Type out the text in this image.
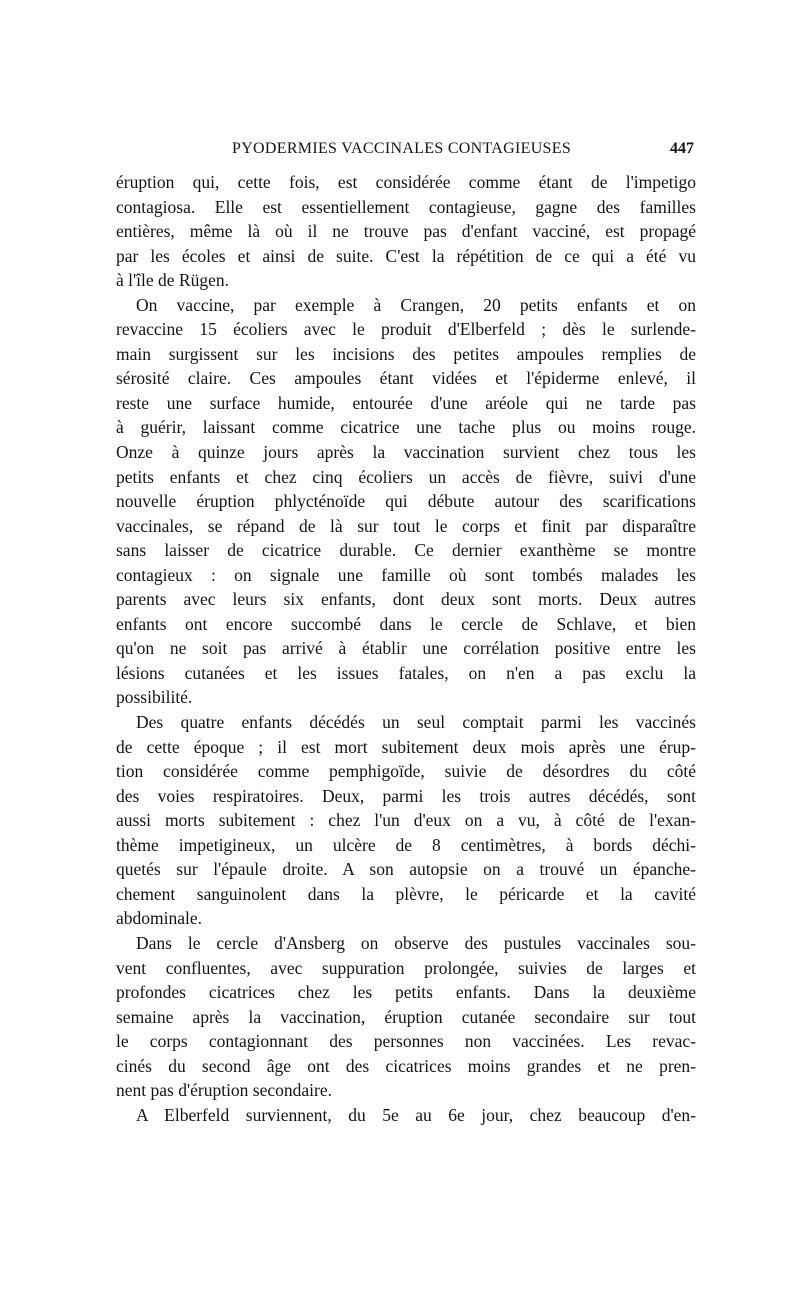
PYODERMIES VACCINALES CONTAGIEUSES	447
éruption qui, cette fois, est considérée comme étant de l'impetigo
contagiosa. Elle est essentiellement contagieuse, gagne des familles
entières, même là où il ne trouve pas d'enfant vacciné, est propagé
par les écoles et ainsi de suite. C'est la répétition de ce qui a été vu
à l'île de Rügen.
On vaccine, par exemple à Crangen, 20 petits enfants et on
revaccine 15 écoliers avec le produit d'Elberfeld ; dès le surlende-
main surgissent sur les incisions des petites ampoules remplies de
sérosité claire. Ces ampoules étant vidées et l'épiderme enlevé, il
reste une surface humide, entourée d'une aréole qui ne tarde pas
à guérir, laissant comme cicatrice une tache plus ou moins rouge.
Onze à quinze jours après la vaccination survient chez tous les
petits enfants et chez cinq écoliers un accès de fièvre, suivi d'une
nouvelle éruption phlycténoïde qui débute autour des scarifications
vaccinales, se répand de là sur tout le corps et finit par disparaître
sans laisser de cicatrice durable. Ce dernier exanthème se montre
contagieux : on signale une famille où sont tombés malades les
parents avec leurs six enfants, dont deux sont morts. Deux autres
enfants ont encore succombé dans le cercle de Schlave, et bien
qu'on ne soit pas arrivé à établir une corrélation positive entre les
lésions cutanées et les issues fatales, on n'en a pas exclu la
possibilité.
Des quatre enfants décédés un seul comptait parmi les vaccinés
de cette époque ; il est mort subitement deux mois après une érup-
tion considérée comme pemphigoïde, suivie de désordres du côté
des voies respiratoires. Deux, parmi les trois autres décédés, sont
aussi morts subitement : chez l'un d'eux on a vu, à côté de l'exan-
thème impetigineux, un ulcère de 8 centimètres, à bords déchi-
quetés sur l'épaule droite. A son autopsie on a trouvé un épanche-
chement sanguinolent dans la plèvre, le péricarde et la cavité
abdominale.
Dans le cercle d'Ansberg on observe des pustules vaccinales sou-
vent confluentes, avec suppuration prolongée, suivies de larges et
profondes cicatrices chez les petits enfants. Dans la deuxième
semaine après la vaccination, éruption cutanée secondaire sur tout
le corps contagionnant des personnes non vaccinées. Les revac-
cinés du second âge ont des cicatrices moins grandes et ne pren-
nent pas d'éruption secondaire.
A Elberfeld surviennent, du 5e au 6e jour, chez beaucoup d'en-
